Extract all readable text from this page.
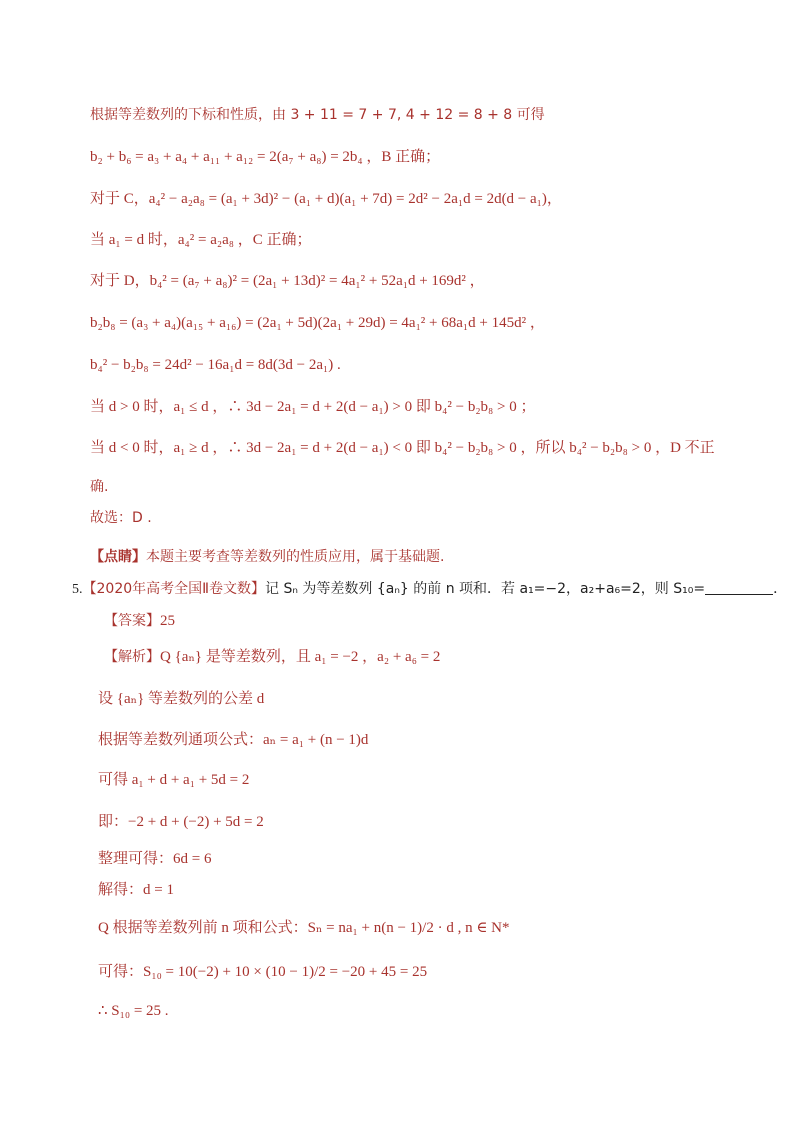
根据等差数列的下标和性质，由 3 + 11 = 7 + 7, 4 + 12 = 8 + 8 可得
b₂ + b₆ = a₃ + a₄ + a₁₁ + a₁₂ = 2(a₇ + a₈) = 2b₄ ，B 正确；
对于 C，a₄² − a₂a₈ = (a₁ + 3d)² − (a₁ + d)(a₁ + 7d) = 2d² − 2a₁d = 2d(d − a₁)，
当 a₁ = d 时，a₄² = a₂a₈ ，C 正确；
对于 D，b₄² = (a₇ + a₈)² = (2a₁ + 13d)² = 4a₁² + 52a₁d + 169d² ，
b₂b₈ = (a₃ + a₄)(a₁₅ + a₁₆) = (2a₁ + 5d)(2a₁ + 29d) = 4a₁² + 68a₁d + 145d² ，
b₄² − b₂b₈ = 24d² − 16a₁d = 8d(3d − 2a₁) .
当 d > 0 时，a₁ ≤ d ，∴ 3d − 2a₁ = d + 2(d − a₁) > 0 即 b₄² − b₂b₈ > 0 ；
当 d < 0 时，a₁ ≥ d ，∴ 3d − 2a₁ = d + 2(d − a₁) < 0 即 b₄² − b₂b₈ > 0 ，所以 b₄² − b₂b₈ > 0 ，D 不正
确.
故选：D .
【点睛】本题主要考查等差数列的性质应用，属于基础题.
5.【2020年高考全国Ⅱ卷文数】记 Sₙ 为等差数列 {aₙ} 的前 n 项和．若 a₁=−2，a₂+a₆=2，则 S₁₀=	．
【答案】25
【解析】Q {aₙ} 是等差数列，且 a₁ = −2 ，a₂ + a₆ = 2
设 {aₙ} 等差数列的公差 d
根据等差数列通项公式：aₙ = a₁ + (n − 1)d
可得 a₁ + d + a₁ + 5d = 2
即：−2 + d + (−2) + 5d = 2
整理可得：6d = 6
解得：d = 1
Q 根据等差数列前 n 项和公式：Sₙ = na₁ + n(n − 1)/2 · d , n ∈ N*
可得：S₁₀ = 10(−2) + 10 × (10 − 1)/2 = −20 + 45 = 25
∴ S₁₀ = 25 .
